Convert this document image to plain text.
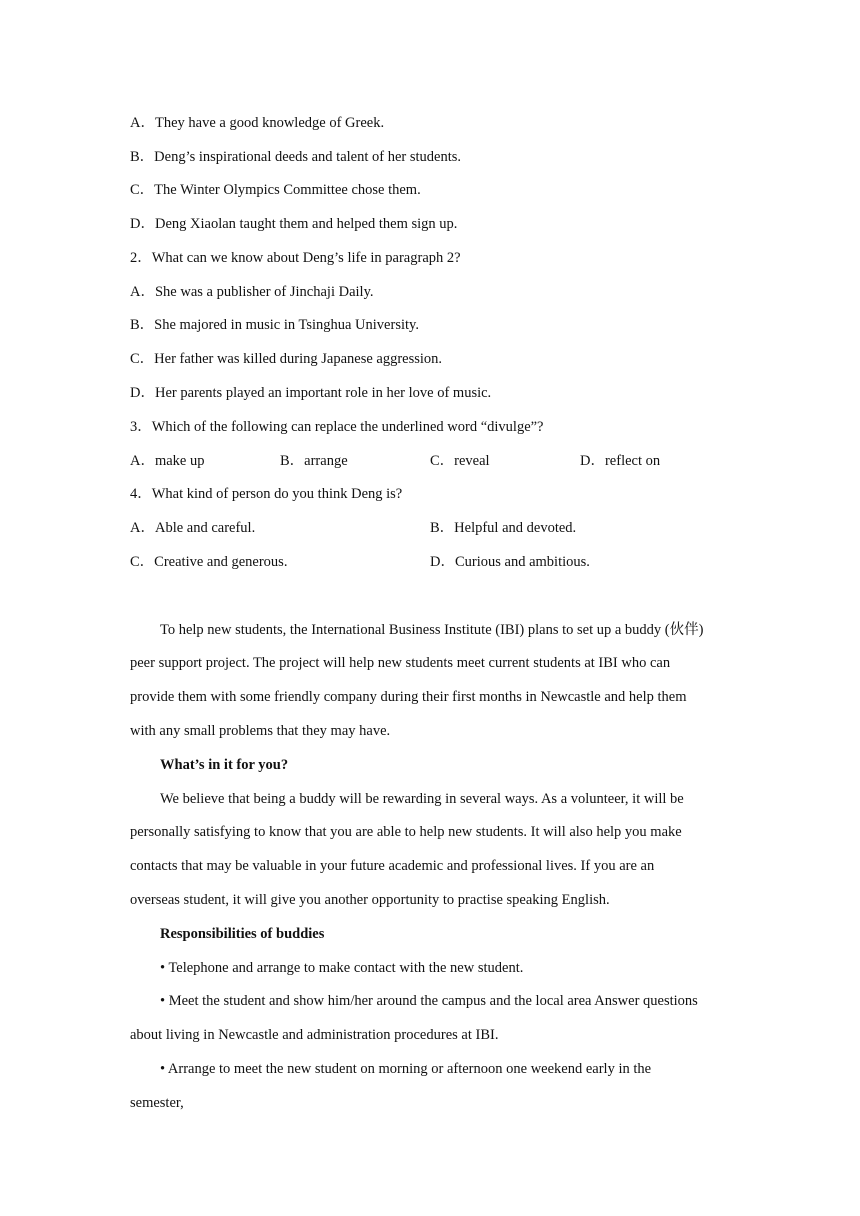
A．They have a good knowledge of Greek.
B．Deng’s inspirational deeds and talent of her students.
C．The Winter Olympics Committee chose them.
D．Deng Xiaolan taught them and helped them sign up.
2．What can we know about Deng’s life in paragraph 2?
A．She was a publisher of Jinchaji Daily.
B．She majored in music in Tsinghua University.
C．Her father was killed during Japanese aggression.
D．Her parents played an important role in her love of music.
3．Which of the following can replace the underlined word “divulge”?
A．make up	B．arrange	C．reveal	D．reflect on
4．What kind of person do you think Deng is?
A．Able and careful.	B．Helpful and devoted.
C．Creative and generous.	D．Curious and ambitious.
To help new students, the International Business Institute (IBI) plans to set up a buddy (伙伴)
peer support project. The project will help new students meet current students at IBI who can
provide them with some friendly company during their first months in Newcastle and help them
with any small problems that they may have.
What’s in it for you?
We believe that being a buddy will be rewarding in several ways. As a volunteer, it will be
personally satisfying to know that you are able to help new students. It will also help you make
contacts that may be valuable in your future academic and professional lives. If you are an
overseas student, it will give you another opportunity to practise speaking English.
Responsibilities of buddies
• Telephone and arrange to make contact with the new student.
• Meet the student and show him/her around the campus and the local area Answer questions
about living in Newcastle and administration procedures at IBI.
• Arrange to meet the new student on morning or afternoon one weekend early in the
semester,
